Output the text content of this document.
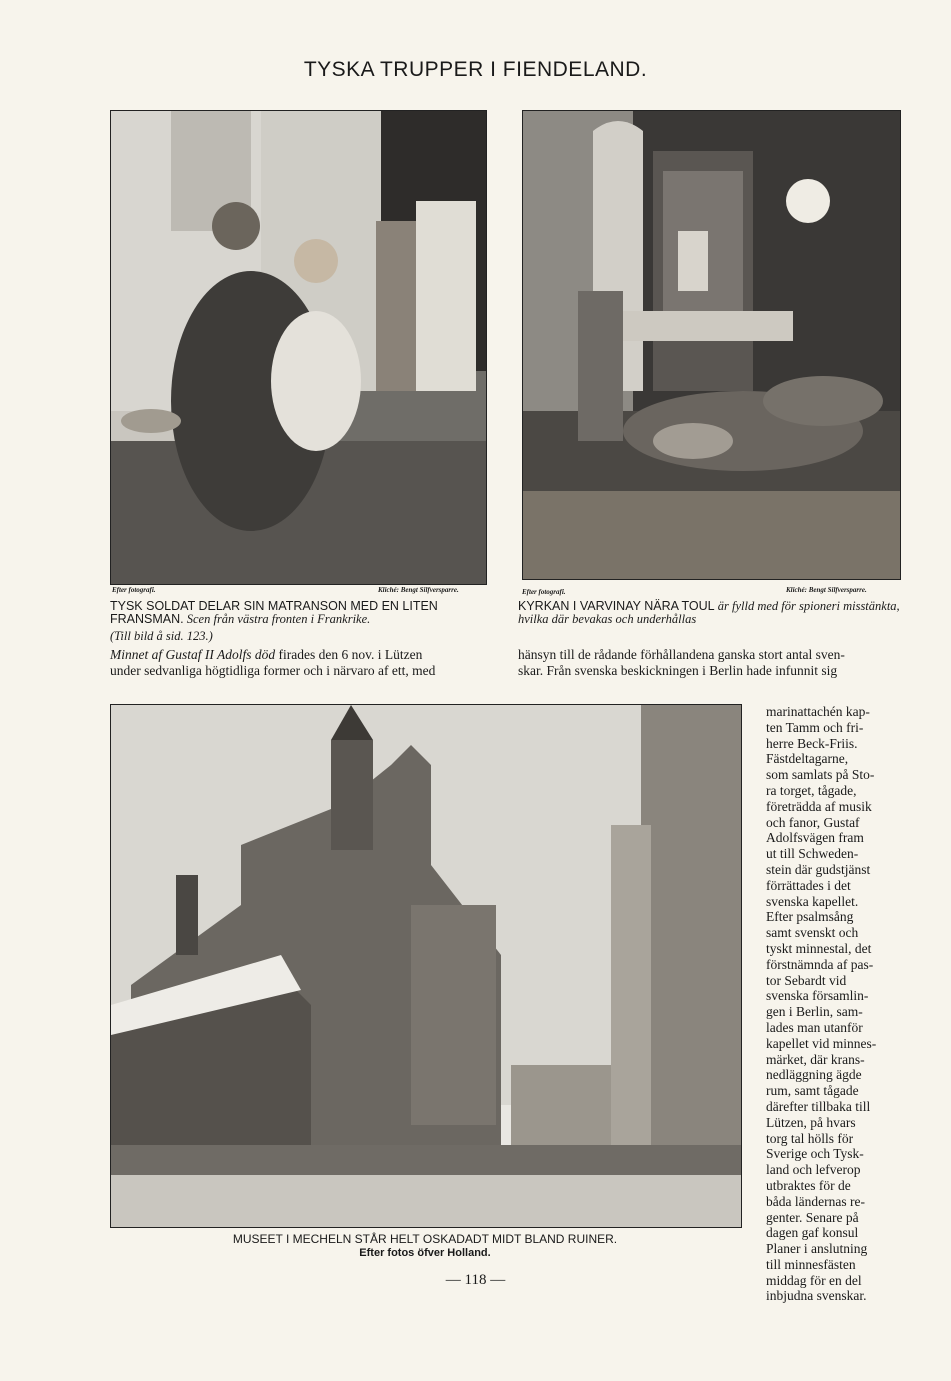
TYSKA TRUPPER I FIENDELAND.
Efter fotografi.	Kliché: Bengt Silfversparre.
TYSK SOLDAT DELAR SIN MATRANSON MED EN LITEN FRANSMAN. Scen från västra fronten i Frankrike.
(Till bild å sid. 123.)
Efter fotografi.	Kliché: Bengt Silfversparre.
KYRKAN I VARVINAY NÄRA TOUL är fylld med för spioneri misstänkta, hvilka där bevakas och underhållas
Minnet af Gustaf II Adolfs död firades den 6 nov. i Lützen
under sedvanliga högtidliga former och i närvaro af ett, med
hänsyn till de rådande förhållandena ganska stort antal sven-
skar. Från svenska beskickningen i Berlin hade infunnit sig
MUSEET I MECHELN STÅR HELT OSKADADT MIDT BLAND RUINER.
Efter fotos öfver Holland.
marinattachén kap-
ten Tamm och fri-
herre Beck-Friis.
Fästdeltagarne,
som samlats på Sto-
ra torget, tågade,
företrädda af musik
och fanor, Gustaf
Adolfsvägen fram
ut till Schweden-
stein där gudstjänst
förrättades i det
svenska kapellet.
Efter psalmsång
samt svenskt och
tyskt minnestal, det
förstnämnda af pas-
tor Sebardt vid
svenska församlin-
gen i Berlin, sam-
lades man utanför
kapellet vid minnes-
märket, där krans-
nedläggning ägde
rum, samt tågade
därefter tillbaka till
Lützen, på hvars
torg tal hölls för
Sverige och Tysk-
land och lefverop
utbraktes för de
båda ländernas re-
genter. Senare på
dagen gaf konsul
Planer i anslutning
till minnesfästen
middag för en del
inbjudna svenskar.
— 118 —
